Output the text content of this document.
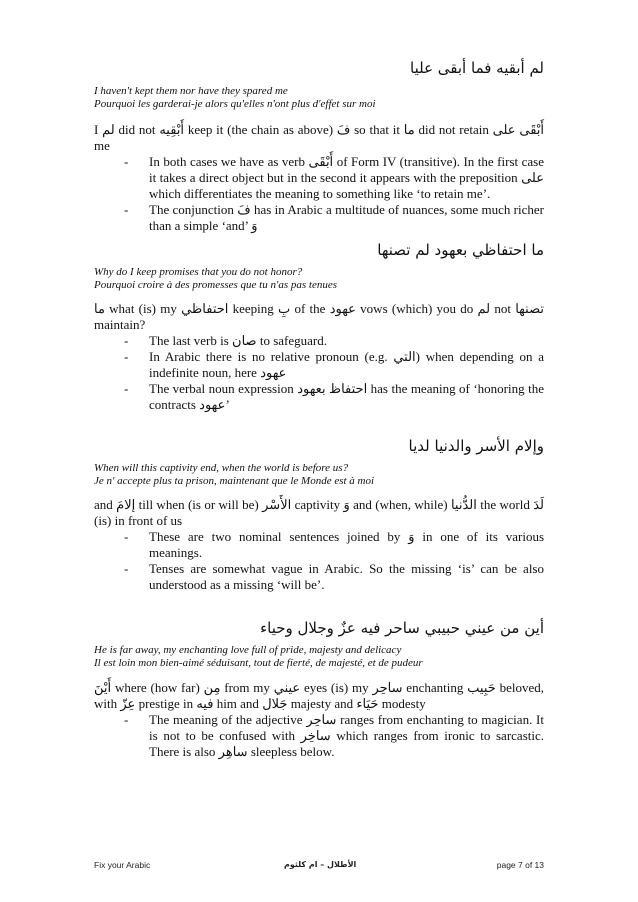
لم أبقيه فما أبقى عليا

I haven't kept them nor have they spared me

Pourquoi les garderai-je alors qu'elles n'ont plus d'effet sur moi

I لم did not أَبْقِيه keep it (the chain as above) فَ so that it ما did not retain أَبْقَى على me

- In both cases we have as verb أَبْقَى of Form IV (transitive). In the first case it takes a direct object but in the second it appears with the preposition على which differentiates the meaning to something like ‘to retain me’.
- The conjunction فَ has in Arabic a multitude of nuances, some much richer than a simple ‘and’ وَ
ما احتفاظي بعهود لم تصنها

Why do I keep promises that you do not honor?

Pourquoi croire à des promesses que tu n'as pas tenues

ما what (is) my احتفاظي keeping بِ of the عهود vows (which) you do لم not تصنها maintain?

- The last verb is صان to safeguard.
- In Arabic there is no relative pronoun (e.g. التي) when depending on a indefinite noun, here عهود
- The verbal noun expression احتفاظ بعهود has the meaning of ‘honoring the contracts عهود’
وإلام الأسر والدنيا لديا

When will this captivity end, when the world is before us?

Je n' accepte plus ta prison, maintenant que le Monde est à moi

and إلامَ till when (is or will be) الأَسْر captivity وَ and (when, while) الدُّنيا the world لَدَ (is) in front of us

- These are two nominal sentences joined by وَ in one of its various meanings.
- Tenses are somewhat vague in Arabic. So the missing ‘is’ can be also understood as a missing ‘will be’.
أين من عيني حبيبي ساحر فيه عزٌ وجلال وحياء

He is far away, my enchanting love full of pride, majesty and delicacy

Il est loin mon bien-aimé séduisant, tout de fierté, de majesté, et de pudeur

أَيْنَ where (how far) مِن from my عيني eyes (is) my ساحِر enchanting حَبِيب beloved, with عِزّ prestige in فيه him and جَلال majesty and حَيَاء modesty

- The meaning of the adjective ساحِر ranges from enchanting to magician. It is not to be confused with ساخِر which ranges from ironic to sarcastic. There is also ساهِر sleepless below.
Fix your Arabic	الأطلال – ام كلثوم	page 7 of 13
